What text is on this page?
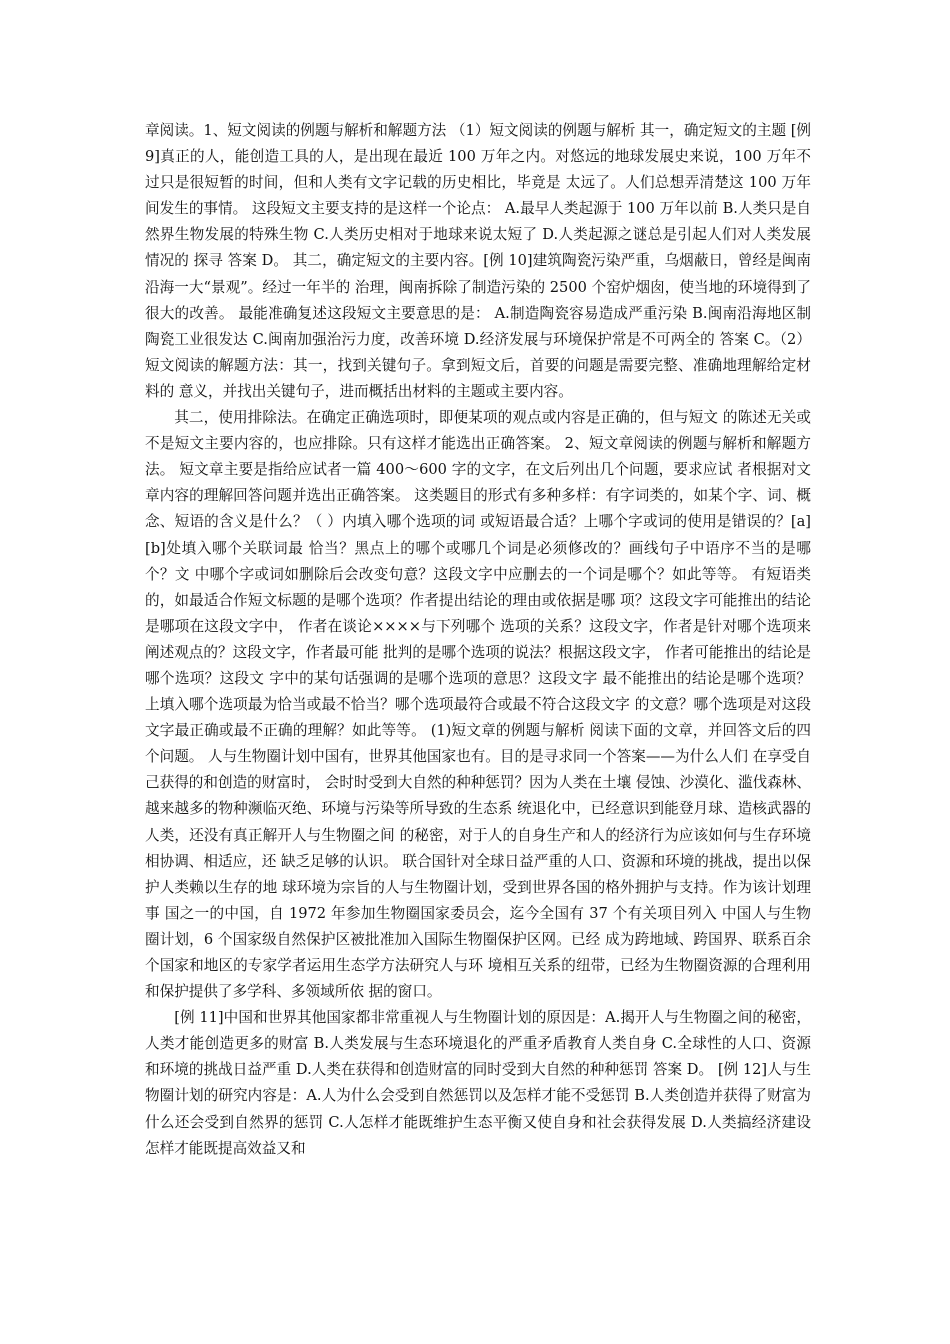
章阅读。1、短文阅读的例题与解析和解题方法 （1）短文阅读的例题与解析 其一，确定短文的主题 [例 9]真正的人，能创造工具的人，是出现在最近 100 万年之内。对悠远的地球发展史来说，100 万年不过只是很短暂的时间，但和人类有文字记载的历史相比，毕竟是 太远了。人们总想弄清楚这 100 万年间发生的事情。 这段短文主要支持的是这样一个论点： A.最早人类起源于 100 万年以前 B.人类只是自然界生物发展的特殊生物 C.人类历史相对于地球来说太短了 D.人类起源之谜总是引起人们对人类发展情况的 探寻 答案 D。 其二，确定短文的主要内容。[例 10]建筑陶瓷污染严重，乌烟蔽日，曾经是闽南沿海一大“景观”。经过一年半的 治理，闽南拆除了制造污染的 2500 个窑炉烟囱，使当地的环境得到了很大的改善。 最能准确复述这段短文主要意思的是： A.制造陶瓷容易造成严重污染 B.闽南沿海地区制陶瓷工业很发达 C.闽南加强治污力度，改善环境 D.经济发展与环境保护常是不可两全的 答案 C。（2）短文阅读的解题方法：其一，找到关键句子。拿到短文后，首要的问题是需要完整、准确地理解给定材料的 意义，并找出关键句子，进而概括出材料的主题或主要内容。

其二，使用排除法。在确定正确选项时，即便某项的观点或内容是正确的，但与短文 的陈述无关或不是短文主要内容的，也应排除。只有这样才能选出正确答案。 2、短文章阅读的例题与解析和解题方法。 短文章主要是指给应试者一篇 400～600 字的文字，在文后列出几个问题，要求应试 者根据对文章内容的理解回答问题并选出正确答案。 这类题目的形式有多种多样：有字词类的，如某个字、词、概念、短语的含义是什么？（ ）内填入哪个选项的词 或短语最合适？上哪个字或词的使用是错误的？[a][b]处填入哪个关联词最 恰当？黑点上的哪个或哪几个词是必须修改的？画线句子中语序不当的是哪个？文 中哪个字或词如删除后会改变句意？这段文字中应删去的一个词是哪个？如此等等。 有短语类的，如最适合作短文标题的是哪个选项？作者提出结论的理由或依据是哪 项？这段文字可能推出的结论是哪项在这段文字中， 作者在谈论××××与下列哪个 选项的关系？这段文字，作者是针对哪个选项来阐述观点的？这段文字，作者最可能 批判的是哪个选项的说法？根据这段文字， 作者可能推出的结论是哪个选项？这段文 字中的某句话强调的是哪个选项的意思？这段文字 最不能推出的结论是哪个选项？ 上填入哪个选项最为恰当或最不恰当？哪个选项最符合或最不符合这段文字 的文意？哪个选项是对这段文字最正确或最不正确的理解？如此等等。 (1)短文章的例题与解析 阅读下面的文章，并回答文后的四个问题。 人与生物圈计划中国有，世界其他国家也有。目的是寻求同一个答案——为什么人们 在享受自己获得的和创造的财富时， 会时时受到大自然的种种惩罚？因为人类在土壤 侵蚀、沙漠化、滥伐森林、越来越多的物种濒临灭绝、环境与污染等所导致的生态系 统退化中，已经意识到能登月球、造核武器的人类，还没有真正解开人与生物圈之间 的秘密，对于人的自身生产和人的经济行为应该如何与生存环境相协调、相适应，还 缺乏足够的认识。 联合国针对全球日益严重的人口、资源和环境的挑战，提出以保护人类赖以生存的地 球环境为宗旨的人与生物圈计划，受到世界各国的格外拥护与支持。作为该计划理事 国之一的中国，自 1972 年参加生物圈国家委员会，迄今全国有 37 个有关项目列入 中国人与生物圈计划，6 个国家级自然保护区被批准加入国际生物圈保护区网。已经 成为跨地域、跨国界、联系百余个国家和地区的专家学者运用生态学方法研究人与环 境相互关系的纽带，已经为生物圈资源的合理利用和保护提供了多学科、多领域所依 据的窗口。

[例 11]中国和世界其他国家都非常重视人与生物圈计划的原因是：A.揭开人与生物圈之间的秘密，人类才能创造更多的财富 B.人类发展与生态环境退化的严重矛盾教育人类自身 C.全球性的人口、资源和环境的挑战日益严重 D.人类在获得和创造财富的同时受到大自然的种种惩罚 答案 D。 [例 12]人与生物圈计划的研究内容是：A.人为什么会受到自然惩罚以及怎样才能不受惩罚 B.人类创造并获得了财富为什么还会受到自然界的惩罚 C.人怎样才能既维护生态平衡又使自身和社会获得发展 D.人类搞经济建设怎样才能既提高效益又和
